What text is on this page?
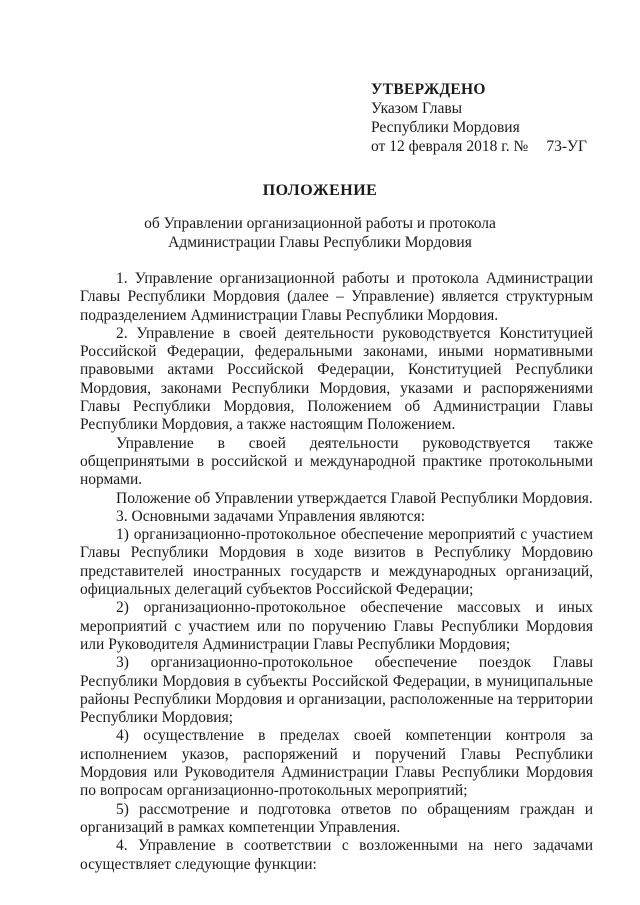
УТВЕРЖДЕНО
Указом Главы
Республики Мордовия
от 12 февраля 2018 г. № 73-УГ
ПОЛОЖЕНИЕ
об Управлении организационной работы и протокола
Администрации Главы Республики Мордовия

1. Управление организационной работы и протокола Администрации Главы Республики Мордовия (далее – Управление) является структурным подразделением Администрации Главы Республики Мордовия.

2. Управление в своей деятельности руководствуется Конституцией Российской Федерации, федеральными законами, иными нормативными правовыми актами Российской Федерации, Конституцией Республики Мордовия, законами Республики Мордовия, указами и распоряжениями Главы Республики Мордовия, Положением об Администрации Главы Республики Мордовия, а также настоящим Положением.

Управление в своей деятельности руководствуется также общепринятыми в российской и международной практике протокольными нормами.

Положение об Управлении утверждается Главой Республики Мордовия.

3. Основными задачами Управления являются:

1) организационно-протокольное обеспечение мероприятий с участием Главы Республики Мордовия в ходе визитов в Республику Мордовию представителей иностранных государств и международных организаций, официальных делегаций субъектов Российской Федерации;

2) организационно-протокольное обеспечение массовых и иных мероприятий с участием или по поручению Главы Республики Мордовия или Руководителя Администрации Главы Республики Мордовия;

3) организационно-протокольное обеспечение поездок Главы Республики Мордовия в субъекты Российской Федерации, в муниципальные районы Республики Мордовия и организации, расположенные на территории Республики Мордовия;

4) осуществление в пределах своей компетенции контроля за исполнением указов, распоряжений и поручений Главы Республики Мордовия или Руководителя Администрации Главы Республики Мордовия по вопросам организационно-протокольных мероприятий;

5) рассмотрение и подготовка ответов по обращениям граждан и организаций в рамках компетенции Управления.

4. Управление в соответствии с возложенными на него задачами осуществляет следующие функции:
